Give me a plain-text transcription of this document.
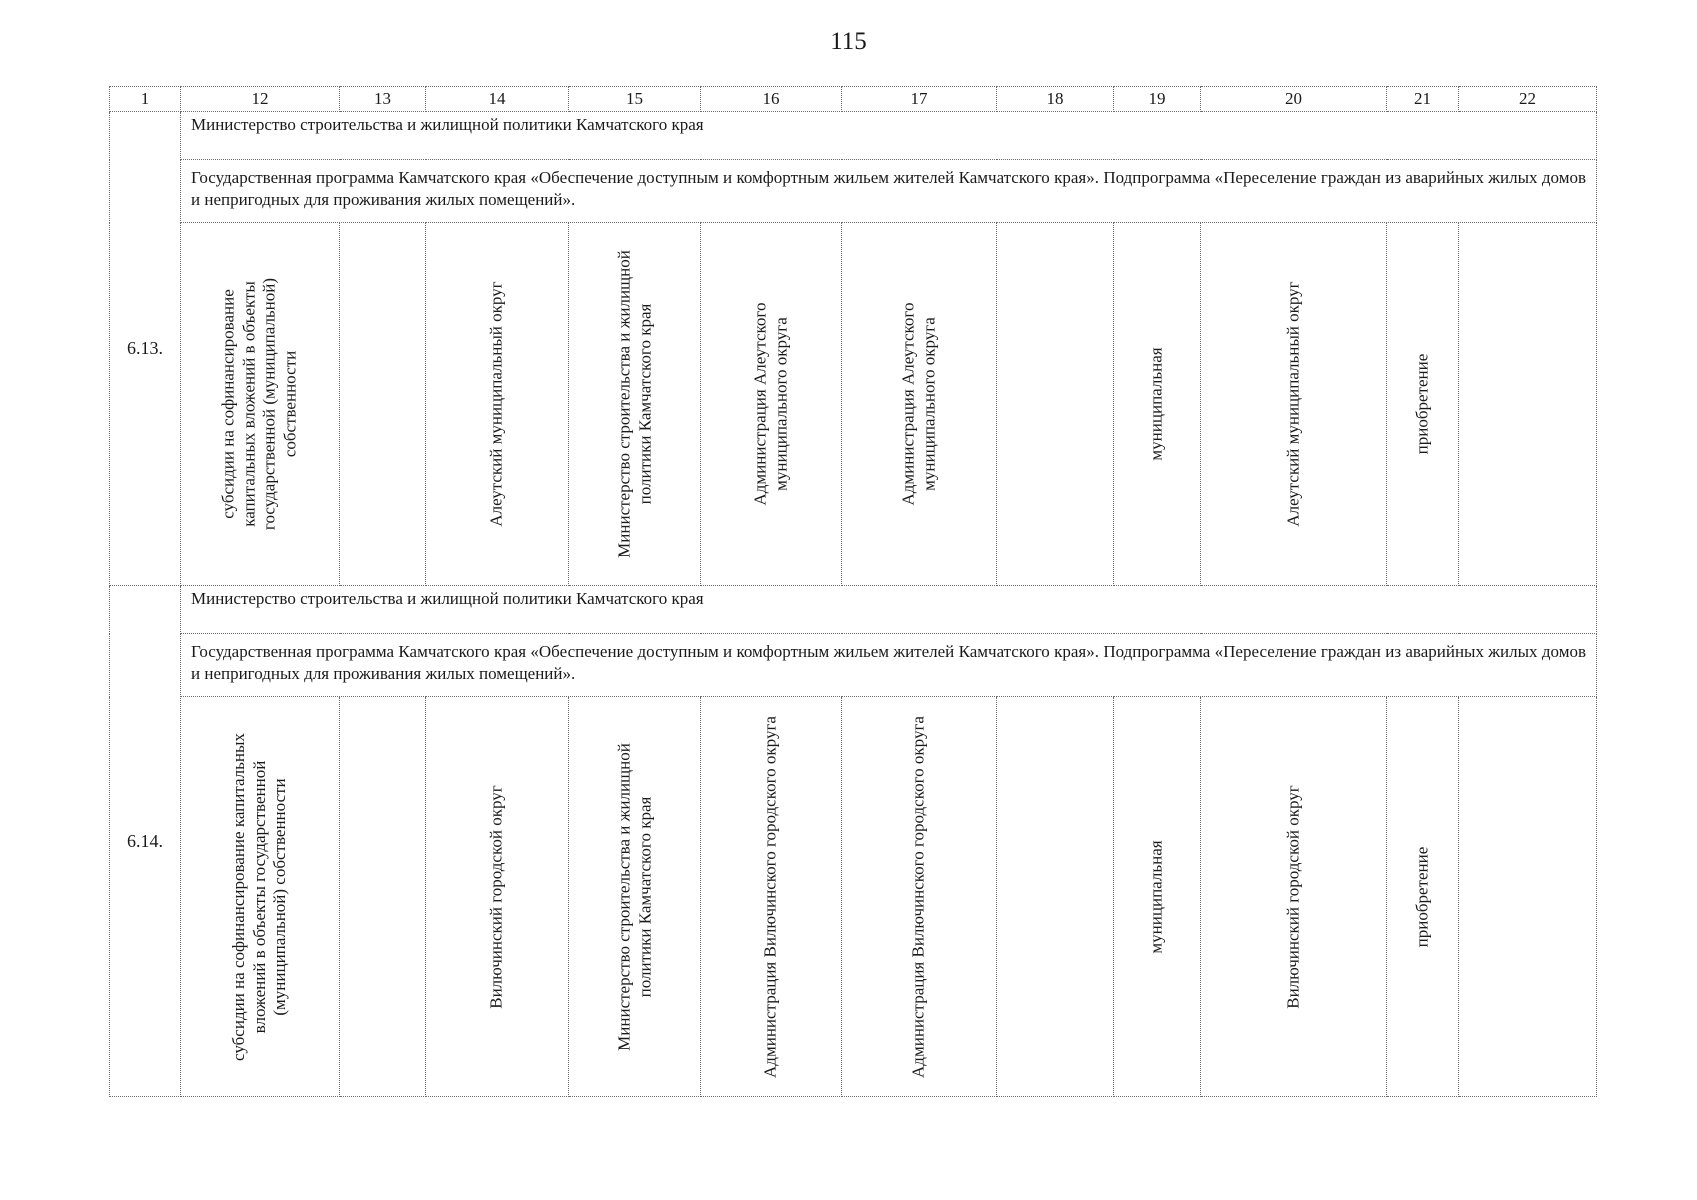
115
1	12	13	14	15	16	17	18	19	20	21	22
6.13.	Министерство строительства и жилищной политики Камчатского края										
	Государственная программа Камчатского края «Обеспечение доступным и комфортным жильем жителей Камчатского края». Подпрограмма «Переселение граждан из аварийных жилых домов и непригодных для проживания жилых помещений».										

	субсидии на софинансирование капитальных вложений в объекты государственной (муниципальной) собственности		Алеутский муниципальный округ	Министерство строительства и жилищной политики Камчатского края	Администрация Алеутского муниципального округа	Администрация Алеутского муниципального округа		муниципальная	Алеутский муниципальный округ	приобретение	

6.14.	Министерство строительства и жилищной политики Камчатского края										
	Государственная программа Камчатского края «Обеспечение доступным и комфортным жильем жителей Камчатского края». Подпрограмма «Переселение граждан из аварийных жилых домов и непригодных для проживания жилых помещений».										

	субсидии на софинансирование капитальных вложений в объекты государственной (муниципальной) собственности		Вилючинский городской округ	Министерство строительства и жилищной политики Камчатского края	Администрация Вилючинского городского округа	Администрация Вилючинского городского округа		муниципальная	Вилючинский городской округ	приобретение	
